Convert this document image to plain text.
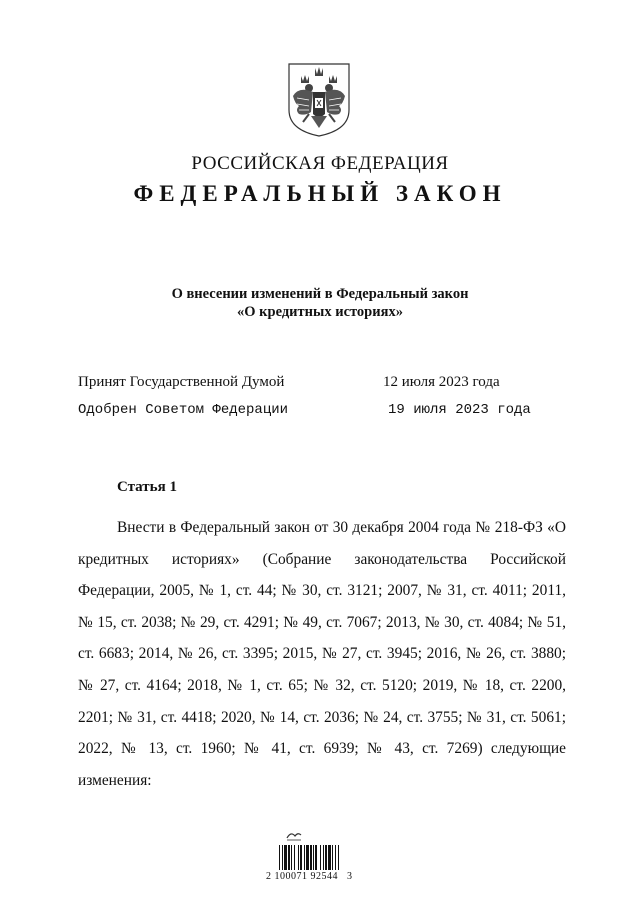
РОССИЙСКАЯ ФЕДЕРАЦИЯ
ФЕДЕРАЛЬНЫЙ ЗАКОН
О внесении изменений в Федеральный закон
«О кредитных историях»
Принят Государственной Думой	12 июля 2023 года
Одобрен Советом Федерации	19 июля 2023 года
Статья 1

Внести в Федеральный закон от 30 декабря 2004 года № 218-ФЗ «О кредитных историях» (Собрание законодательства Российской Федерации, 2005, № 1, ст. 44; № 30, ст. 3121; 2007, № 31, ст. 4011; 2011, № 15, ст. 2038; № 29, ст. 4291; № 49, ст. 7067; 2013, № 30, ст. 4084; № 51, ст. 6683; 2014, № 26, ст. 3395; 2015, № 27, ст. 3945; 2016, № 26, ст. 3880; № 27, ст. 4164; 2018, № 1, ст. 65; № 32, ст. 5120; 2019, № 18, ст. 2200, 2201; № 31, ст. 4418; 2020, № 14, ст. 2036; № 24, ст. 3755; № 31, ст. 5061; 2022, № 13, ст. 1960; № 41, ст. 6939; № 43, ст. 7269) следующие изменения:

2 100071 92544   3
